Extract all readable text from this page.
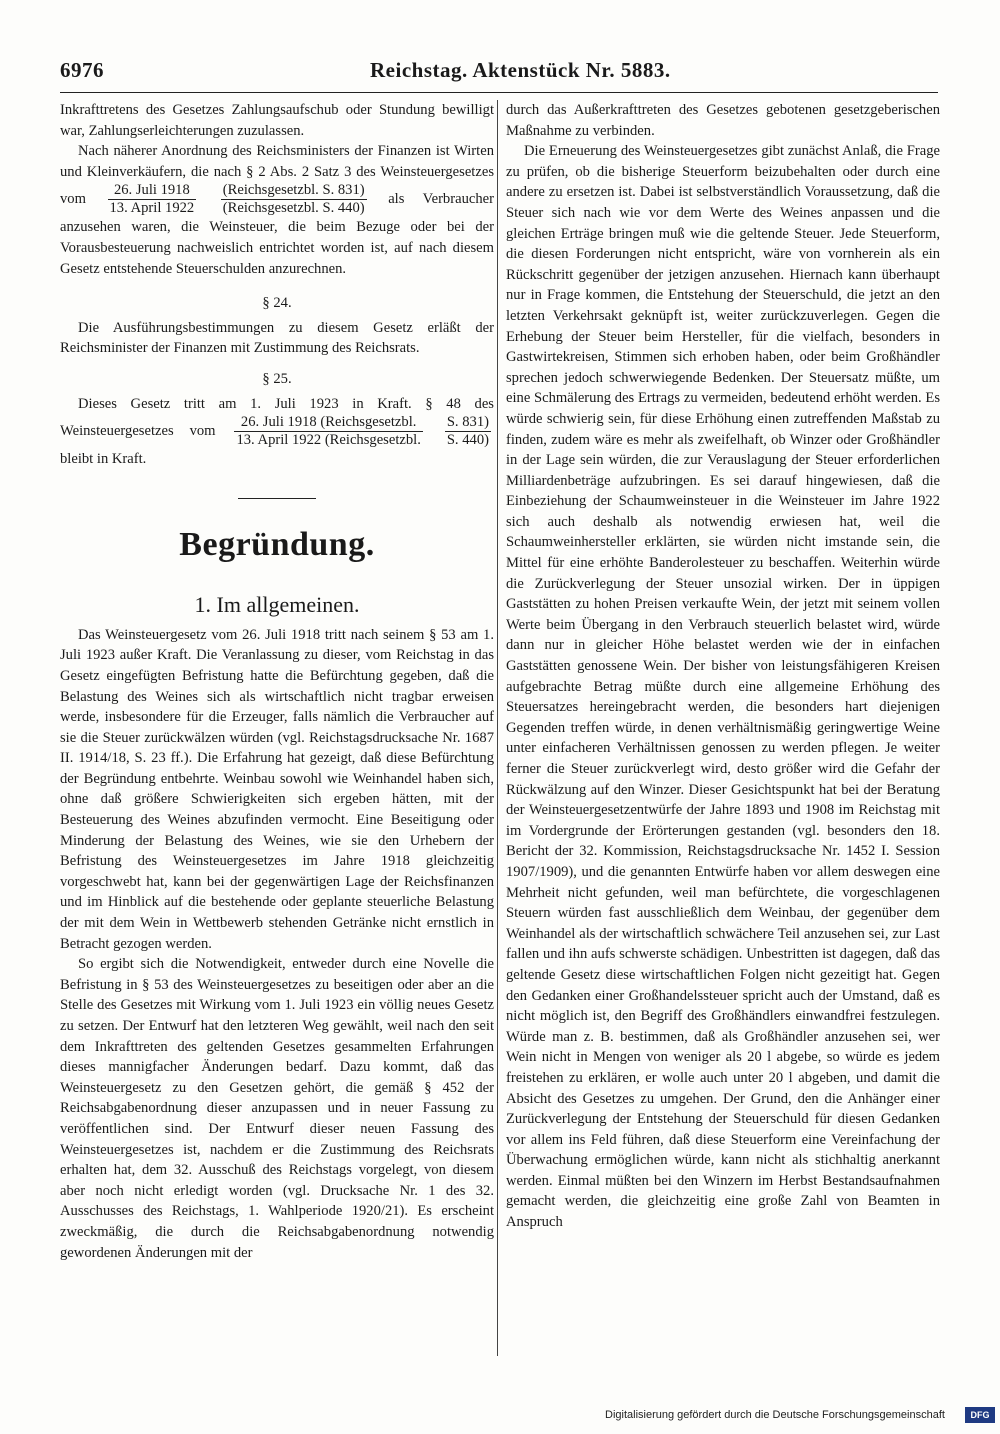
6976	Reichstag. Aktenstück Nr. 5883.

Inkrafttretens des Gesetzes Zahlungsaufschub oder Stundung bewilligt war, Zahlungserleichterungen zuzulassen.

Nach näherer Anordnung des Reichsministers der Finanzen ist Wirten und Kleinverkäufern, die nach § 2 Abs. 2 Satz 3 des Weinsteuergesetzes vom $\frac{\text{26. Juli 1918}}{\text{13. April 1922}}$
$\frac{\text{(Reichsgesetzbl. S. 831)}}{\text{(Reichsgesetzbl. S. 440)}}$ als Verbraucher anzusehen waren, die Weinsteuer, die beim Bezuge oder bei der Vorausbesteuerung nachweislich entrichtet worden ist, auf nach diesem Gesetz entstehende Steuerschulden anzurechnen.

§ 24.

Die Ausführungsbestimmungen zu diesem Gesetz erläßt der Reichsminister der Finanzen mit Zustimmung des Reichsrats.

§ 25.

Dieses Gesetz tritt am 1. Juli 1923 in Kraft. § 48 des Weinsteuergesetzes vom $\frac{\text{26. Juli 1918 (Reichsgesetzbl.}}{\text{13. April 1922 (Reichsgesetzbl.}}$
$\frac{S. 831)}{S. 440)}$
bleibt in Kraft.

Begründung.
1. Im allgemeinen.

Das Weinsteuergesetz vom 26. Juli 1918 tritt nach seinem § 53 am 1. Juli 1923 außer Kraft. Die Veranlassung zu dieser, vom Reichstag in das Gesetz eingefügten Befristung hatte die Befürchtung gegeben, daß die Belastung des Weines sich als wirtschaftlich nicht tragbar erweisen werde, insbesondere für die Erzeuger, falls nämlich die Verbraucher auf sie die Steuer zurückwälzen würden (vgl. Reichstagsdrucksache Nr. 1687 II. 1914/18, S. 23 ff.). Die Erfahrung hat gezeigt, daß diese Befürchtung der Begründung entbehrte. Weinbau sowohl wie Weinhandel haben sich, ohne daß größere Schwierigkeiten sich ergeben hätten, mit der Besteuerung des Weines abzufinden vermocht. Eine Beseitigung oder Minderung der Belastung des Weines, wie sie den Urhebern der Befristung des Weinsteuergesetzes im Jahre 1918 gleichzeitig vorgeschwebt hat, kann bei der gegenwärtigen Lage der Reichsfinanzen und im Hinblick auf die bestehende oder geplante steuerliche Belastung der mit dem Wein in Wettbewerb stehenden Getränke nicht ernstlich in Betracht gezogen werden.

So ergibt sich die Notwendigkeit, entweder durch eine Novelle die Befristung in § 53 des Weinsteuergesetzes zu beseitigen oder aber an die Stelle des Gesetzes mit Wirkung vom 1. Juli 1923 ein völlig neues Gesetz zu setzen. Der Entwurf hat den letzteren Weg gewählt, weil nach den seit dem Inkrafttreten des geltenden Gesetzes gesammelten Erfahrungen dieses mannigfacher Änderungen bedarf. Dazu kommt, daß das Weinsteuergesetz zu den Gesetzen gehört, die gemäß § 452 der Reichsabgabenordnung dieser anzupassen und in neuer Fassung zu veröffentlichen sind. Der Entwurf dieser neuen Fassung des Weinsteuergesetzes ist, nachdem er die Zustimmung des Reichsrats erhalten hat, dem 32. Ausschuß des Reichstags vorgelegt, von diesem aber noch nicht erledigt worden (vgl. Drucksache Nr. 1 des 32. Ausschusses des Reichstags, 1. Wahlperiode 1920/21). Es erscheint zweckmäßig, die durch die Reichsabgabenordnung notwendig gewordenen Änderungen mit der

durch das Außerkrafttreten des Gesetzes gebotenen gesetzgeberischen Maßnahme zu verbinden.

Die Erneuerung des Weinsteuergesetzes gibt zunächst Anlaß, die Frage zu prüfen, ob die bisherige Steuerform beizubehalten oder durch eine andere zu ersetzen ist. Dabei ist selbstverständlich Voraussetzung, daß die Steuer sich nach wie vor dem Werte des Weines anpassen und die gleichen Erträge bringen muß wie die geltende Steuer. Jede Steuerform, die diesen Forderungen nicht entspricht, wäre von vornherein als ein Rückschritt gegenüber der jetzigen anzusehen. Hiernach kann überhaupt nur in Frage kommen, die Entstehung der Steuerschuld, die jetzt an den letzten Verkehrsakt geknüpft ist, weiter zurückzuverlegen. Gegen die Erhebung der Steuer beim Hersteller, für die vielfach, besonders in Gastwirtekreisen, Stimmen sich erhoben haben, oder beim Großhändler sprechen jedoch schwerwiegende Bedenken. Der Steuersatz müßte, um eine Schmälerung des Ertrags zu vermeiden, bedeutend erhöht werden. Es würde schwierig sein, für diese Erhöhung einen zutreffenden Maßstab zu finden, zudem wäre es mehr als zweifelhaft, ob Winzer oder Großhändler in der Lage sein würden, die zur Verauslagung der Steuer erforderlichen Milliardenbeträge aufzubringen. Es sei darauf hingewiesen, daß die Einbeziehung der Schaumweinsteuer in die Weinsteuer im Jahre 1922 sich auch deshalb als notwendig erwiesen hat, weil die Schaumweinhersteller erklärten, sie würden nicht imstande sein, die Mittel für eine erhöhte Banderolesteuer zu beschaffen. Weiterhin würde die Zurückverlegung der Steuer unsozial wirken. Der in üppigen Gaststätten zu hohen Preisen verkaufte Wein, der jetzt mit seinem vollen Werte beim Übergang in den Verbrauch steuerlich belastet wird, würde dann nur in gleicher Höhe belastet werden wie der in einfachen Gaststätten genossene Wein. Der bisher von leistungsfähigeren Kreisen aufgebrachte Betrag müßte durch eine allgemeine Erhöhung des Steuersatzes hereingebracht werden, die besonders hart diejenigen Gegenden treffen würde, in denen verhältnismäßig geringwertige Weine unter einfacheren Verhältnissen genossen zu werden pflegen. Je weiter ferner die Steuer zurückverlegt wird, desto größer wird die Gefahr der Rückwälzung auf den Winzer. Dieser Gesichtspunkt hat bei der Beratung der Weinsteuergesetzentwürfe der Jahre 1893 und 1908 im Reichstag mit im Vordergrunde der Erörterungen gestanden (vgl. besonders den 18. Bericht der 32. Kommission, Reichstagsdrucksache Nr. 1452 I. Session 1907/1909), und die genannten Entwürfe haben vor allem deswegen eine Mehrheit nicht gefunden, weil man befürchtete, die vorgeschlagenen Steuern würden fast ausschließlich dem Weinbau, der gegenüber dem Weinhandel als der wirtschaftlich schwächere Teil anzusehen sei, zur Last fallen und ihn aufs schwerste schädigen. Unbestritten ist dagegen, daß das geltende Gesetz diese wirtschaftlichen Folgen nicht gezeitigt hat. Gegen den Gedanken einer Großhandelssteuer spricht auch der Umstand, daß es nicht möglich ist, den Begriff des Großhändlers einwandfrei festzulegen. Würde man z. B. bestimmen, daß als Großhändler anzusehen sei, wer Wein nicht in Mengen von weniger als 20 l abgebe, so würde es jedem freistehen zu erklären, er wolle auch unter 20 l abgeben, und damit die Absicht des Gesetzes zu umgehen. Der Grund, den die Anhänger einer Zurückverlegung der Entstehung der Steuerschuld für diesen Gedanken vor allem ins Feld führen, daß diese Steuerform eine Vereinfachung der Überwachung ermöglichen würde, kann nicht als stichhaltig anerkannt werden. Einmal müßten bei den Winzern im Herbst Bestandsaufnahmen gemacht werden, die gleichzeitig eine große Zahl von Beamten in Anspruch

Digitalisierung gefördert durch die Deutsche Forschungsgemeinschaft	DFG
